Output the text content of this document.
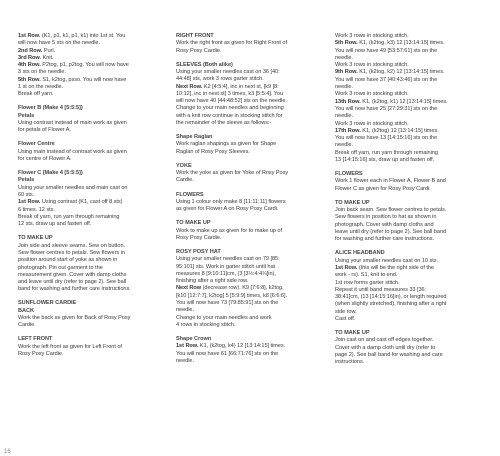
1st Row. (K1, p1, k1, p1, k1) into 1st st. You
will now have 5 sts on the needle.
2nd Row. Purl.
3rd Row. Knit.
4th Row. P2tog, p1, p2tog. You will now have
3 sts on the needle.
5th Row. S1, k2tog, psso. You will now have
1 st on the needle.
Break off yarn.
Flower B (Make 4 [5:5:5])
Petals
Using contrast instead of main work as given
for petals of Flower A.
Flower Centre
Using main instead of contrast work as given
for centre of Flower A.
Flower C (Make 4 [5:5:5])
Petals
Using your smaller needles and main cast on
60 sts.
1st Row. Using contrast (K1, cast off 8 sts)
6 times. 12 sts.
Break of yarn, run yarn through remaining
12 sts, draw up and fasten off.
TO MAKE UP
Join side and sleeve seams. Sew on button.
Sew flower centres to petals. Sew flowers in
position around start of yoke as shown in
photograph. Pin out garment to the
measurement given. Cover with damp cloths
and leave until dry (refer to page 2). See ball
band for washing and further care instructions.
SUNFLOWER CARDIE
BACK
Work the back as given for Back of Rosy Posy
Cardie.
LEFT FRONT
Work the left front as given for Left Front of
Rosy Posy Cardie.
RIGHT FRONT
Work the right front as given for Right Front of
Rosy Posy Cardie.
SLEEVES (Both alike)
Using your smaller needles cast on 36 [40:
44:48] sts, work 3 rows garter stitch.
Next Row. K2 [4:5:4], inc in next st, [k9 [8:
10:12], inc in next st] 3 times, k3 [5:5:4]. You
will now have 40 [44:48:52] sts on the needle.
Change to your main needles and beginning
with a knit row continue in stocking stitch for
the remainder of the sleeve as follows:-
Shape Raglan
Work raglan shapings as given for Shape
Raglan of Rosy Posy Sleeves.
YOKE
Work the yoke as given for Yoke of Rosy Posy
Cardie.
FLOWERS
Using 1 colour only make 8 [11:11:11] flowers
as given for Flower A on Rosy Posy Cardi.
TO MAKE UP
Work to make up as given for to make up of
Rosy Posy Cardie.
ROSY POSY HAT
Using your smaller needles cast on 79 [85:
95:101] sts. Work in garter stitch until hat
measures 8 [9:10:11]cm, (3 [3½:4:4¼]in),
finishing after a right side row.
Next Row (decrease row). K9 [7:6:8], k2tog,
[k10 [12:7:7], k2tog] 5 [5:9:9] times, k8 [6:6:6].
You will now have 73 [79:85:91] sts on the
needle.
Change to your main needles and work
4 rows in stocking stitch.
Shape Crown
1st Row. K1, (k2tog, k4) 12 [13:14:15] times.
You will now have 61 [66:71:76] sts on the
needle.
Work 3 rows in stocking stitch.
5th Row. K1, (k2tog, k3) 12 [13:14:15] times.
You will now have 49 [53:57:61] sts on the
needle.
Work 3 rows in stocking stitch.
9th Row. K1, (k2tog, k2) 12 [13:14:15] times.
You will now have 37 [40:43:46] sts on the
needle.
Work 3 rows in stocking stitch.
13th Row. K1, (k2tog, k1) 12 [13:14:15] times.
You will now have 25 [27:29:31] sts on the
needle.
Work 3 rows in stocking stitch.
17th Row. K1, (k2tog) 12 [13:14:15] times.
You will now have 13 [14:15:16] sts on the
needle.
Break off yarn, run yarn through remaining
13 [14:15:16] sts, draw up and fasten off.
FLOWERS
Work 1 flower each in Flower A, Flower B and
Flower C as given for Rosy Posy Cardi.
TO MAKE UP
Join back seam. Sew flower centres to petals.
Sew flowers in position to hat as shown in
photograph. Cover with damp cloths and
leave until dry (refer to page 2). See ball band
for washing and further care instructions.
ALICE HEADBAND
Using your smaller needles cast on 10 sts.
1st Row. (this will be the right side of the
work - rs). S1, knit to end.
1st row forms garter stitch.
Repeat it until band measures 33 [36:
38:41]cm, (13 [14:15:16]in), or length required
(when slightly stretched), finishing after a right
side row.
Cast off.
TO MAKE UP
Join cast on and cast off edges together.
Cover with a damp cloth until dry (refer to
page 2). See ball band for washing and care
instructions.
16
